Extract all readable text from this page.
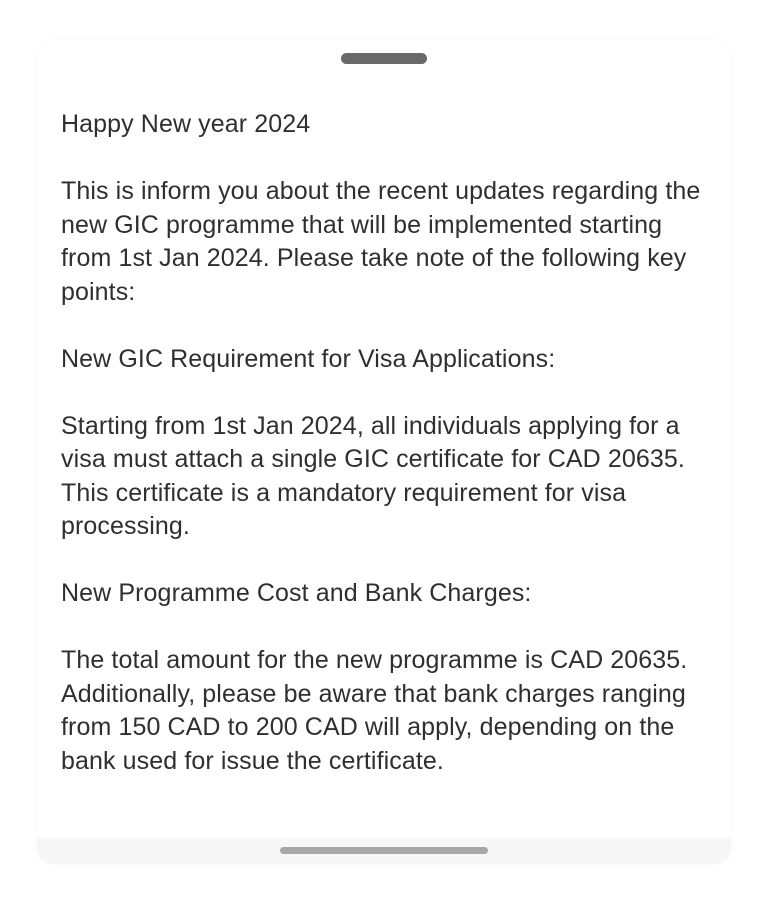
Happy New year 2024
This is inform you about the recent updates regarding the
new GIC programme that will be implemented starting
from 1st Jan 2024. Please take note of the following key
points:
New GIC Requirement for Visa Applications:
Starting from 1st Jan 2024, all individuals applying for a
visa must attach a single GIC certificate for CAD 20635.
This certificate is a mandatory requirement for visa
processing.
New Programme Cost and Bank Charges:
The total amount for the new programme is CAD 20635.
Additionally, please be aware that bank charges ranging
from 150 CAD to 200 CAD will apply, depending on the
bank used for issue the certificate.
